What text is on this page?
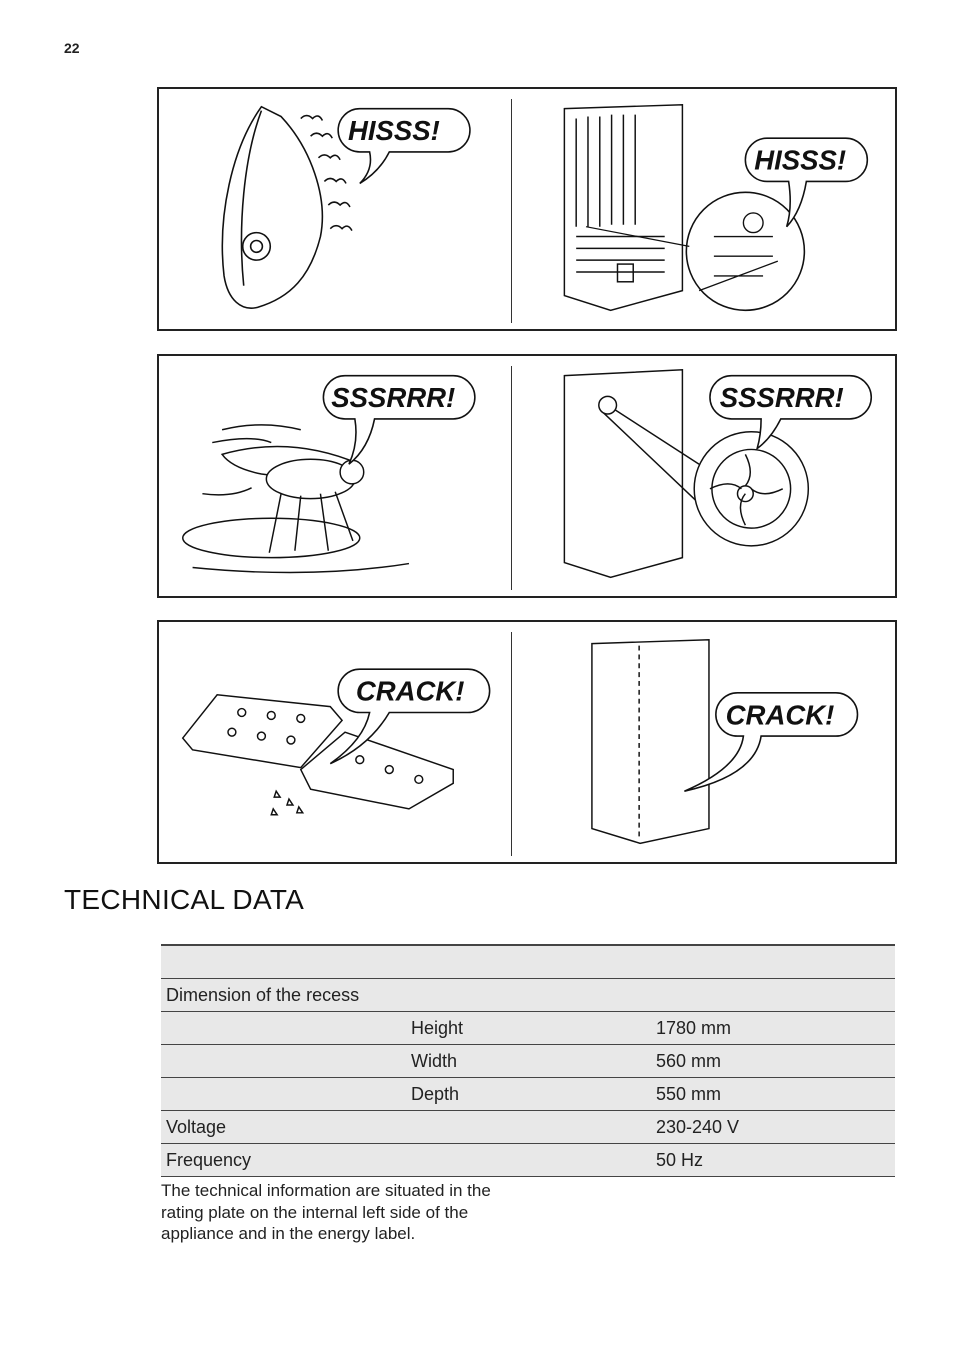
22
HISSS!
HISSS!
SSSRRR!	SSSRRR!
CRACK!
CRACK!
TECHNICAL DATA

Dimension of the recess		
	Height	1780 mm
	Width	560 mm
	Depth	550 mm
Voltage		230-240 V
Frequency		50 Hz

The technical information are situated in the rating plate on the internal left side of the appliance and in the energy label.
